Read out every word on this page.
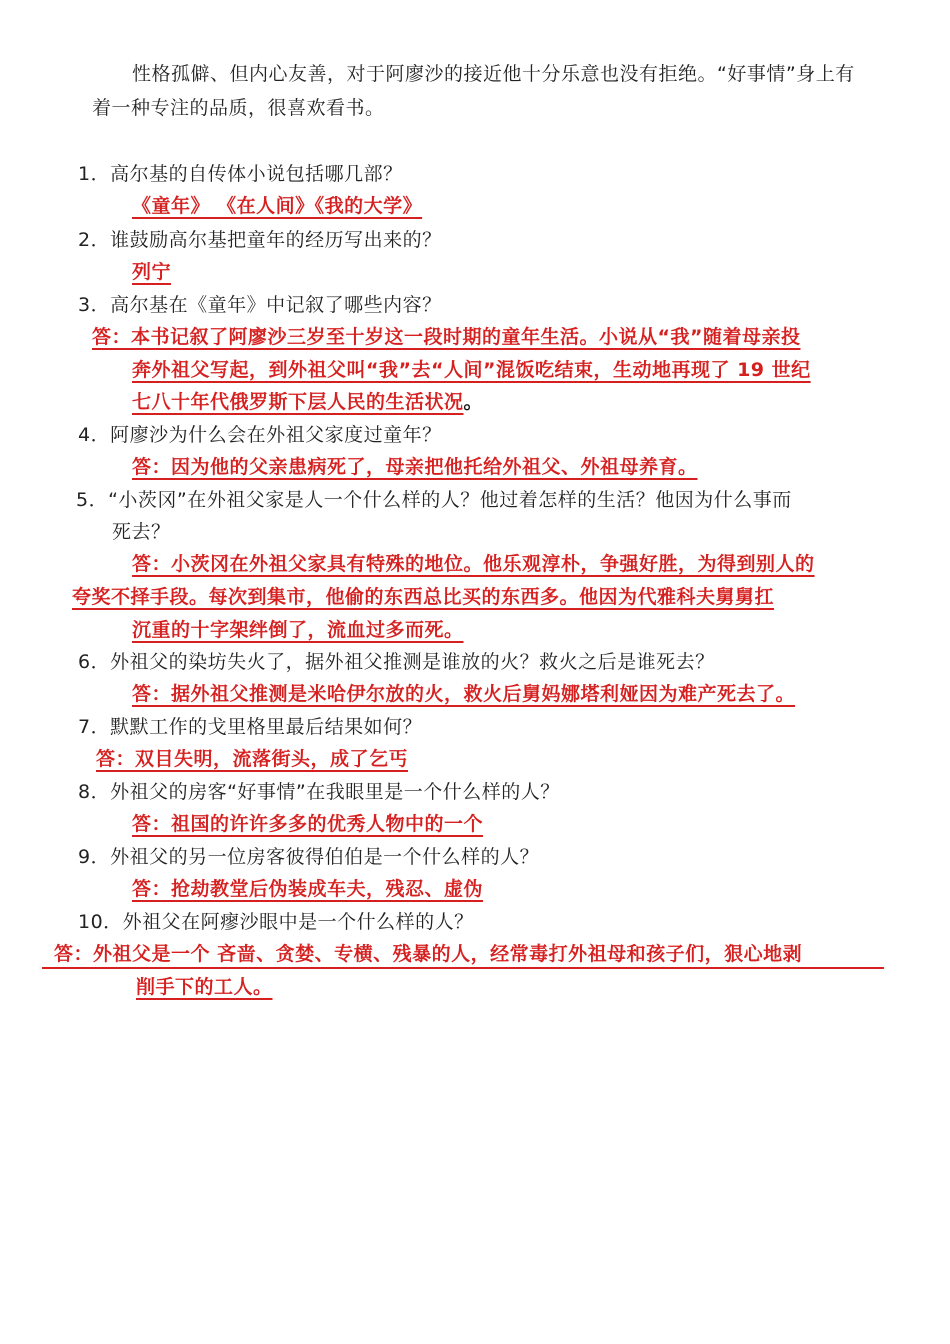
性格孤僻、但内心友善，对于阿廖沙的接近他十分乐意也没有拒绝。“好事情”身上有
着一种专注的品质，很喜欢看书。
1．高尔基的自传体小说包括哪几部？
《童年》 《在人间》《我的大学》
2．谁鼓励高尔基把童年的经历写出来的？
列宁
3．高尔基在《童年》中记叙了哪些内容？
答：本书记叙了阿廖沙三岁至十岁这一段时期的童年生活。小说从“我”随着母亲投
奔外祖父写起，到外祖父叫“我”去“人间”混饭吃结束，生动地再现了 19 世纪
七八十年代俄罗斯下层人民的生活状况。
4．阿廖沙为什么会在外祖父家度过童年？
答：因为他的父亲患病死了，母亲把他托给外祖父、外祖母养育。
5．“小茨冈”在外祖父家是人一个什么样的人？他过着怎样的生活？他因为什么事而
死去？
答：小茨冈在外祖父家具有特殊的地位。他乐观淳朴，争强好胜，为得到别人的
夸奖不择手段。每次到集市，他偷的东西总比买的东西多。他因为代雅科夫舅舅扛
沉重的十字架绊倒了，流血过多而死。
6．外祖父的染坊失火了，据外祖父推测是谁放的火？救火之后是谁死去？
答：据外祖父推测是米哈伊尔放的火，救火后舅妈娜塔利娅因为难产死去了。
7．默默工作的戈里格里最后结果如何？
答：双目失明，流落街头，成了乞丐
8．外祖父的房客“好事情”在我眼里是一个什么样的人？
答：祖国的许许多多的优秀人物中的一个
9．外祖父的另一位房客彼得伯伯是一个什么样的人？
答：抢劫教堂后伪装成车夫，残忍、虚伪
10．外祖父在阿瘳沙眼中是一个什么样的人？
答：外祖父是一个 吝啬、贪婪、专横、残暴的人，经常毒打外祖母和孩子们，狠心地剥
削手下的工人。
